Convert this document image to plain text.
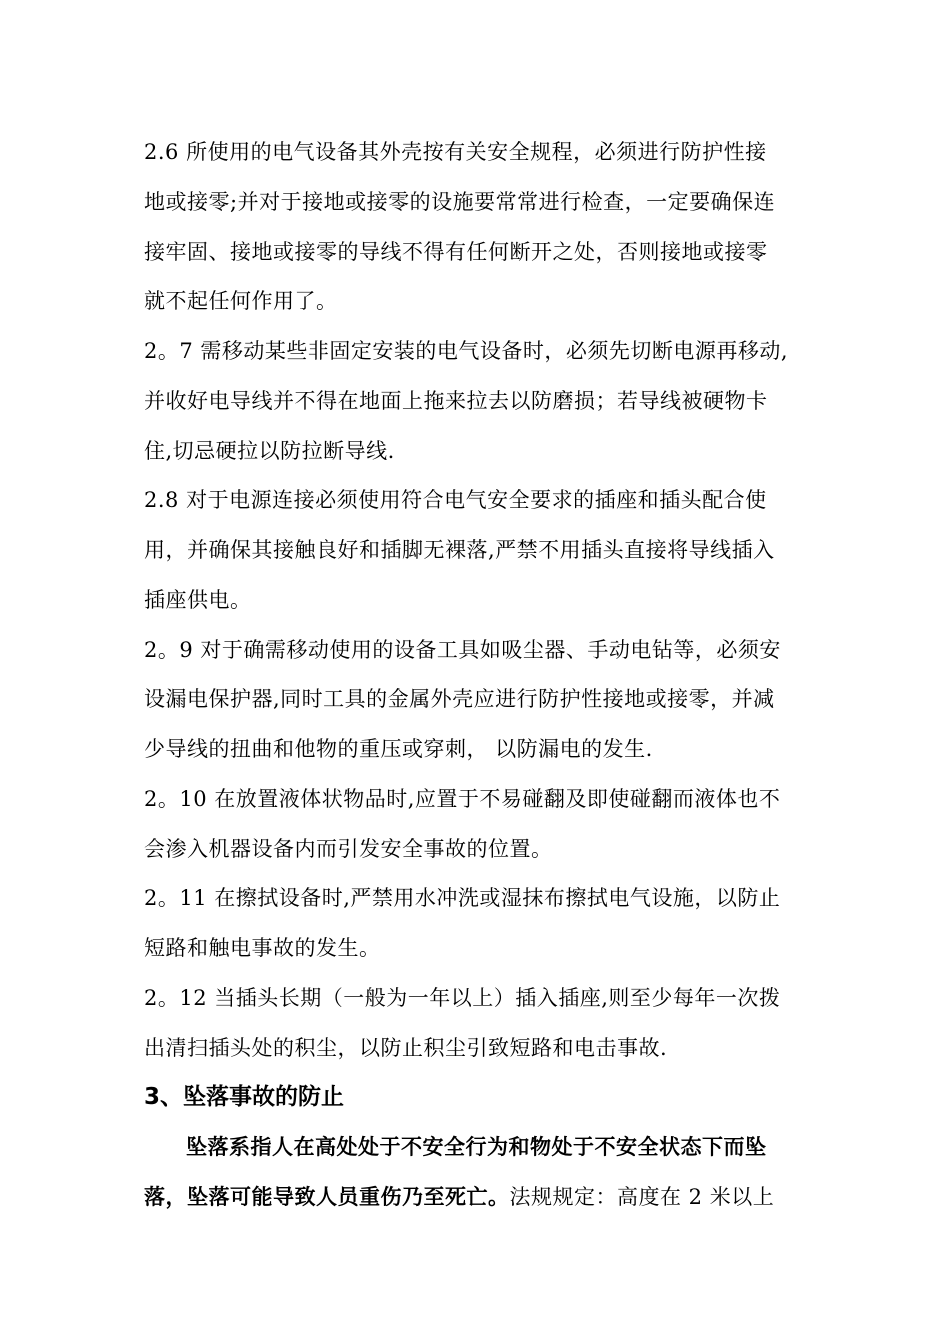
2.6 所使用的电气设备其外壳按有关安全规程，必须进行防护性接
地或接零;并对于接地或接零的设施要常常进行检查，一定要确保连
接牢固、接地或接零的导线不得有任何断开之处，否则接地或接零
就不起任何作用了。
2。7 需移动某些非固定安装的电气设备时，必须先切断电源再移动,
并收好电导线并不得在地面上拖来拉去以防磨损；若导线被硬物卡
住,切忌硬拉以防拉断导线.
2.8 对于电源连接必须使用符合电气安全要求的插座和插头配合使
用，并确保其接触良好和插脚无裸落,严禁不用插头直接将导线插入
插座供电。
2。9 对于确需移动使用的设备工具如吸尘器、手动电钻等，必须安
设漏电保护器,同时工具的金属外壳应进行防护性接地或接零，并减
少导线的扭曲和他物的重压或穿刺， 以防漏电的发生.
2。10 在放置液体状物品时,应置于不易碰翻及即使碰翻而液体也不
会渗入机器设备内而引发安全事故的位置。
2。11 在擦拭设备时,严禁用水冲洗或湿抹布擦拭电气设施，以防止
短路和触电事故的发生。
2。12 当插头长期（一般为一年以上）插入插座,则至少每年一次拨
出清扫插头处的积尘，以防止积尘引致短路和电击事故.
3、坠落事故的防止
坠落系指人在高处处于不安全行为和物处于不安全状态下而坠
落，坠落可能导致人员重伤乃至死亡。法规规定：高度在 2 米以上
